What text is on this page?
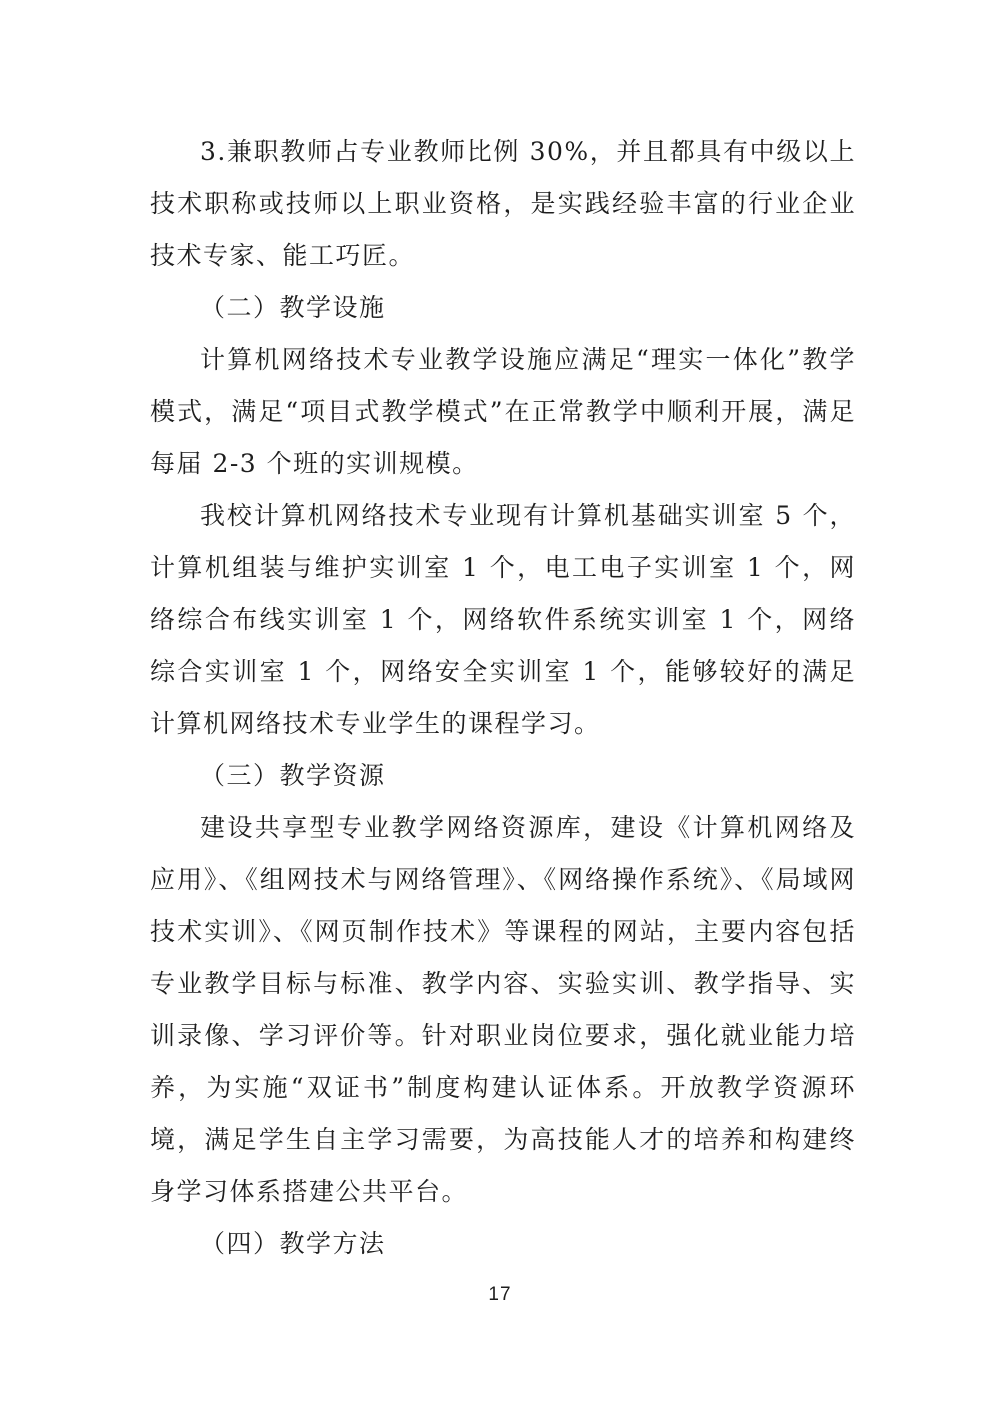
3.兼职教师占专业教师比例 30%，并且都具有中级以上技术职称或技师以上职业资格，是实践经验丰富的行业企业技术专家、能工巧匠。

（二）教学设施

计算机网络技术专业教学设施应满足“理实一体化”教学模式，满足“项目式教学模式”在正常教学中顺利开展，满足每届 2-3 个班的实训规模。

我校计算机网络技术专业现有计算机基础实训室 5 个，计算机组装与维护实训室 1 个，电工电子实训室 1 个，网络综合布线实训室 1 个，网络软件系统实训室 1 个，网络综合实训室 1 个，网络安全实训室 1 个，能够较好的满足计算机网络技术专业学生的课程学习。

（三）教学资源

建设共享型专业教学网络资源库，建设《计算机网络及应用》、《组网技术与网络管理》、《网络操作系统》、《局域网技术实训》、《网页制作技术》等课程的网站，主要内容包括专业教学目标与标准、教学内容、实验实训、教学指导、实训录像、学习评价等。针对职业岗位要求，强化就业能力培养，为实施“双证书”制度构建认证体系。开放教学资源环境，满足学生自主学习需要，为高技能人才的培养和构建终身学习体系搭建公共平台。

（四）教学方法

17
